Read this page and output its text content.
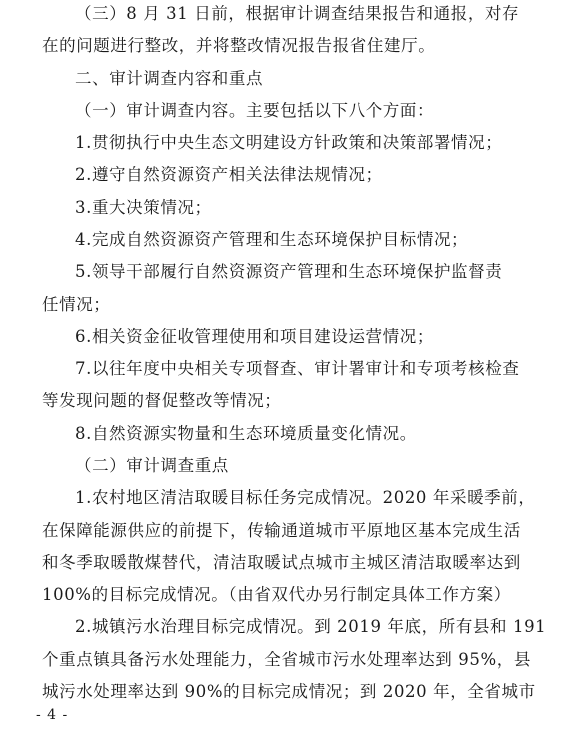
（三）8 月 31 日前，根据审计调查结果报告和通报，对存
在的问题进行整改，并将整改情况报告报省住建厅。
二、审计调查内容和重点
（一）审计调查内容。主要包括以下八个方面：
1.贯彻执行中央生态文明建设方针政策和决策部署情况；
2.遵守自然资源资产相关法律法规情况；
3.重大决策情况；
4.完成自然资源资产管理和生态环境保护目标情况；
5.领导干部履行自然资源资产管理和生态环境保护监督责
任情况；
6.相关资金征收管理使用和项目建设运营情况；
7.以往年度中央相关专项督查、审计署审计和专项考核检查
等发现问题的督促整改等情况；
8.自然资源实物量和生态环境质量变化情况。
（二）审计调查重点
1.农村地区清洁取暖目标任务完成情况。2020 年采暖季前，
在保障能源供应的前提下，传输通道城市平原地区基本完成生活
和冬季取暖散煤替代，清洁取暖试点城市主城区清洁取暖率达到
100%的目标完成情况。（由省双代办另行制定具体工作方案）
2.城镇污水治理目标完成情况。到 2019 年底，所有县和 191
个重点镇具备污水处理能力，全省城市污水处理率达到 95%，县
城污水处理率达到 90%的目标完成情况；到 2020 年，全省城市
- 4 -
